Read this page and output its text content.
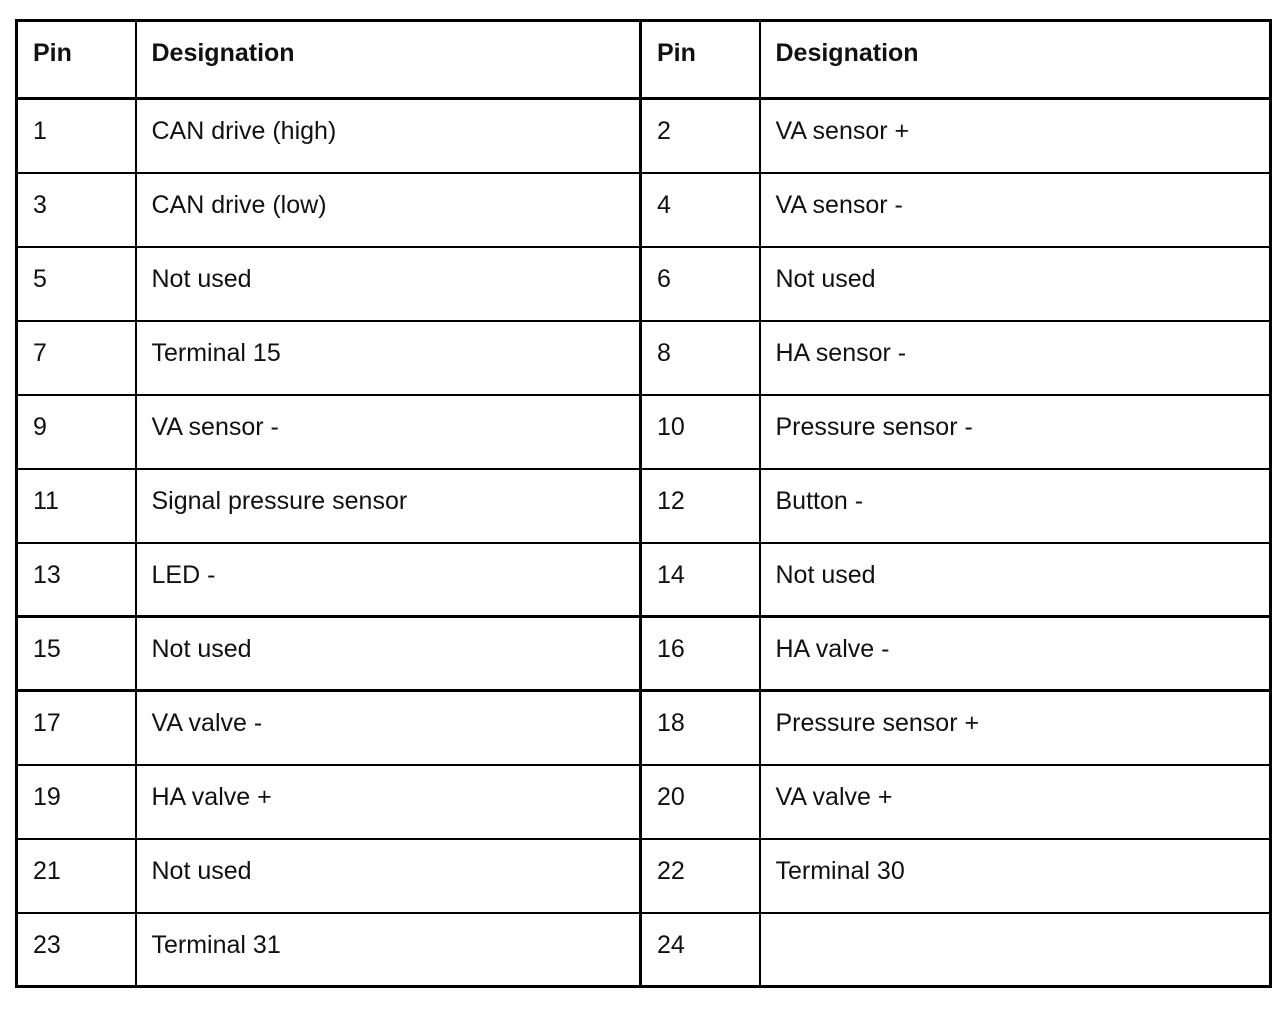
Pin	Designation	Pin	Designation
1	CAN drive (high)	2	VA sensor +
3	CAN drive (low)	4	VA sensor -
5	Not used	6	Not used
7	Terminal 15	8	HA sensor -
9	VA sensor -	10	Pressure sensor -
11	Signal pressure sensor	12	Button -
13	LED -	14	Not used
15	Not used	16	HA valve -
17	VA valve -	18	Pressure sensor +
19	HA valve +	20	VA valve +
21	Not used	22	Terminal 30
23	Terminal 31	24	
